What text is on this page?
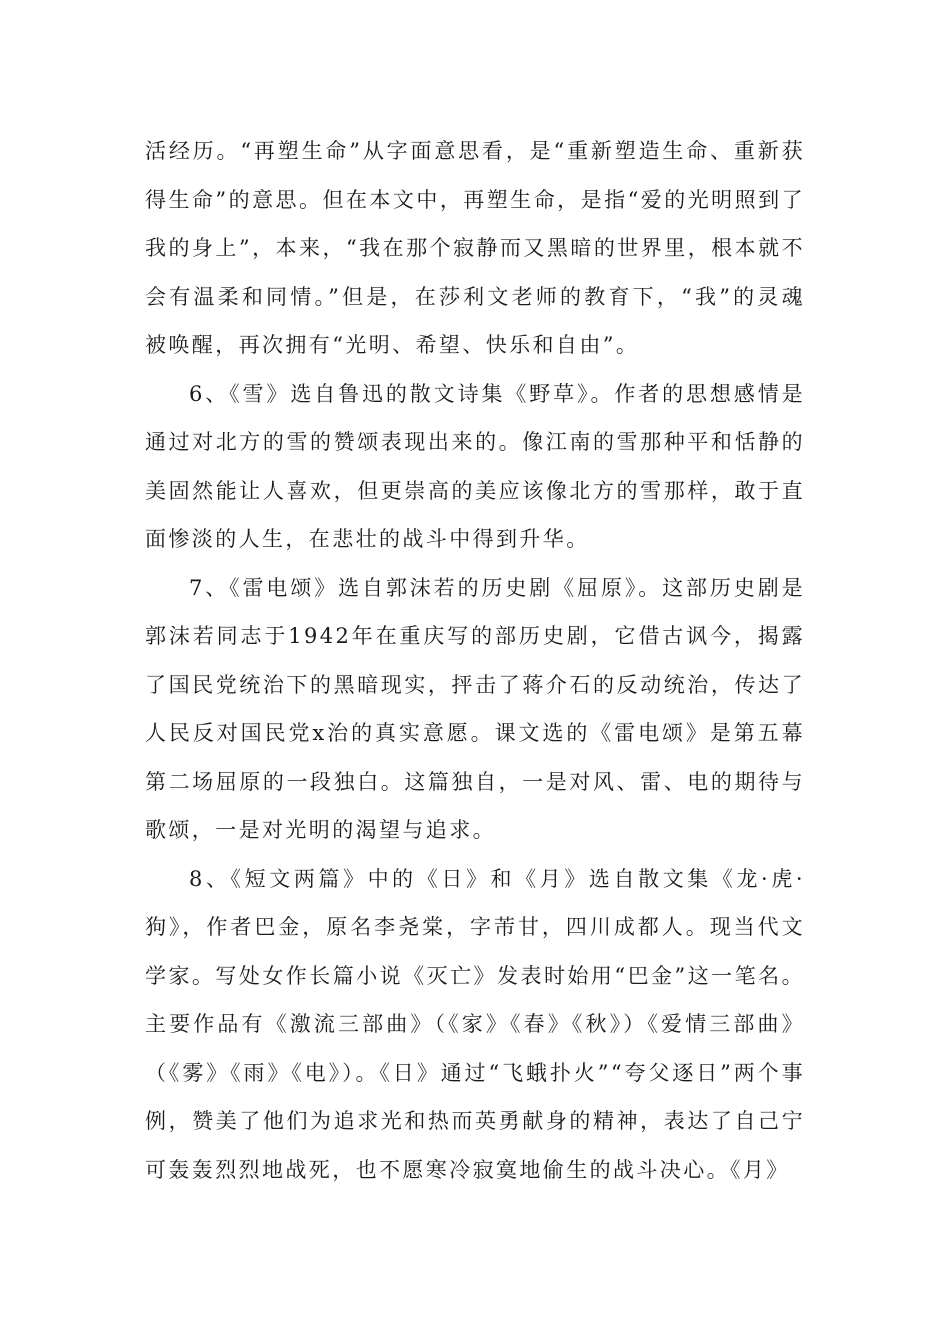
活经历。“再塑生命”从字面意思看，是“重新塑造生命、重新获得生命”的意思。但在本文中，再塑生命，是指“爱的光明照到了我的身上”，本来，“我在那个寂静而又黑暗的世界里，根本就不会有温柔和同情。”但是，在莎利文老师的教育下，“我”的灵魂被唤醒，再次拥有“光明、希望、快乐和自由”。

6、《雪》选自鲁迅的散文诗集《野草》。作者的思想感情是通过对北方的雪的赞颂表现出来的。像江南的雪那种平和恬静的美固然能让人喜欢，但更崇高的美应该像北方的雪那样，敢于直面惨淡的人生，在悲壮的战斗中得到升华。

7、《雷电颂》选自郭沫若的历史剧《屈原》。这部历史剧是郭沫若同志于1942年在重庆写的部历史剧，它借古讽今，揭露了国民党统治下的黑暗现实，抨击了蒋介石的反动统治，传达了人民反对国民党x治的真实意愿。课文选的《雷电颂》是第五幕第二场屈原的一段独白。这篇独自，一是对风、雷、电的期待与歌颂，一是对光明的渴望与追求。

8、《短文两篇》中的《日》和《月》选自散文集《龙·虎·狗》，作者巴金，原名李尧棠，字芾甘，四川成都人。现当代文学家。写处女作长篇小说《灭亡》发表时始用“巴金”这一笔名。主要作品有《激流三部曲》（《家》《春》《秋》）《爱情三部曲》（《雾》《雨》《电》）。《日》通过“飞蛾扑火”“夸父逐日”两个事例，赞美了他们为追求光和热而英勇献身的精神，表达了自己宁可轰轰烈烈地战死，也不愿寒冷寂寞地偷生的战斗决心。《月》
